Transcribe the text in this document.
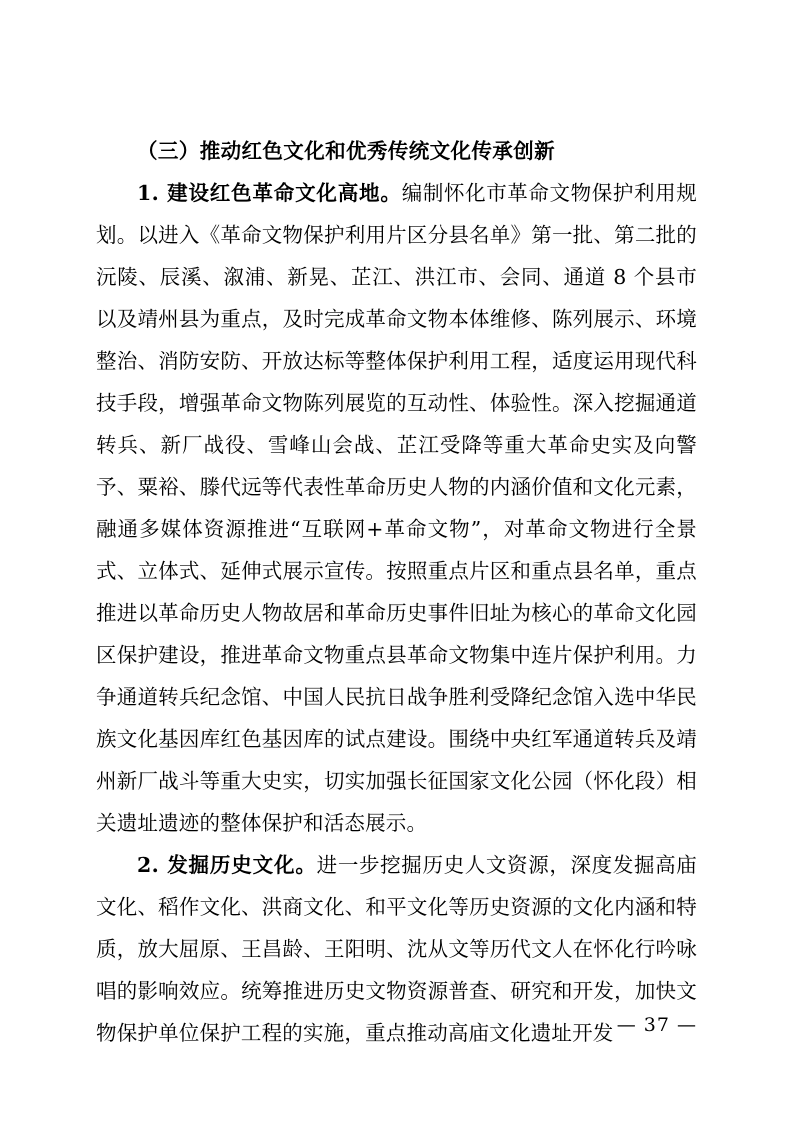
（三）推动红色文化和优秀传统文化传承创新

1. 建设红色革命文化高地。编制怀化市革命文物保护利用规划。以进入《革命文物保护利用片区分县名单》第一批、第二批的沅陵、辰溪、溆浦、新晃、芷江、洪江市、会同、通道 8 个县市以及靖州县为重点，及时完成革命文物本体维修、陈列展示、环境整治、消防安防、开放达标等整体保护利用工程，适度运用现代科技手段，增强革命文物陈列展览的互动性、体验性。深入挖掘通道转兵、新厂战役、雪峰山会战、芷江受降等重大革命史实及向警予、粟裕、滕代远等代表性革命历史人物的内涵价值和文化元素，融通多媒体资源推进“互联网+革命文物”，对革命文物进行全景式、立体式、延伸式展示宣传。按照重点片区和重点县名单，重点推进以革命历史人物故居和革命历史事件旧址为核心的革命文化园区保护建设，推进革命文物重点县革命文物集中连片保护利用。力争通道转兵纪念馆、中国人民抗日战争胜利受降纪念馆入选中华民族文化基因库红色基因库的试点建设。围绕中央红军通道转兵及靖州新厂战斗等重大史实，切实加强长征国家文化公园（怀化段）相关遗址遗迹的整体保护和活态展示。

2. 发掘历史文化。进一步挖掘历史人文资源，深度发掘高庙文化、稻作文化、洪商文化、和平文化等历史资源的文化内涵和特质，放大屈原、王昌龄、王阳明、沈从文等历代文人在怀化行吟咏唱的影响效应。统筹推进历史文物资源普查、研究和开发，加快文物保护单位保护工程的实施，重点推动高庙文化遗址开发 — 37 —
